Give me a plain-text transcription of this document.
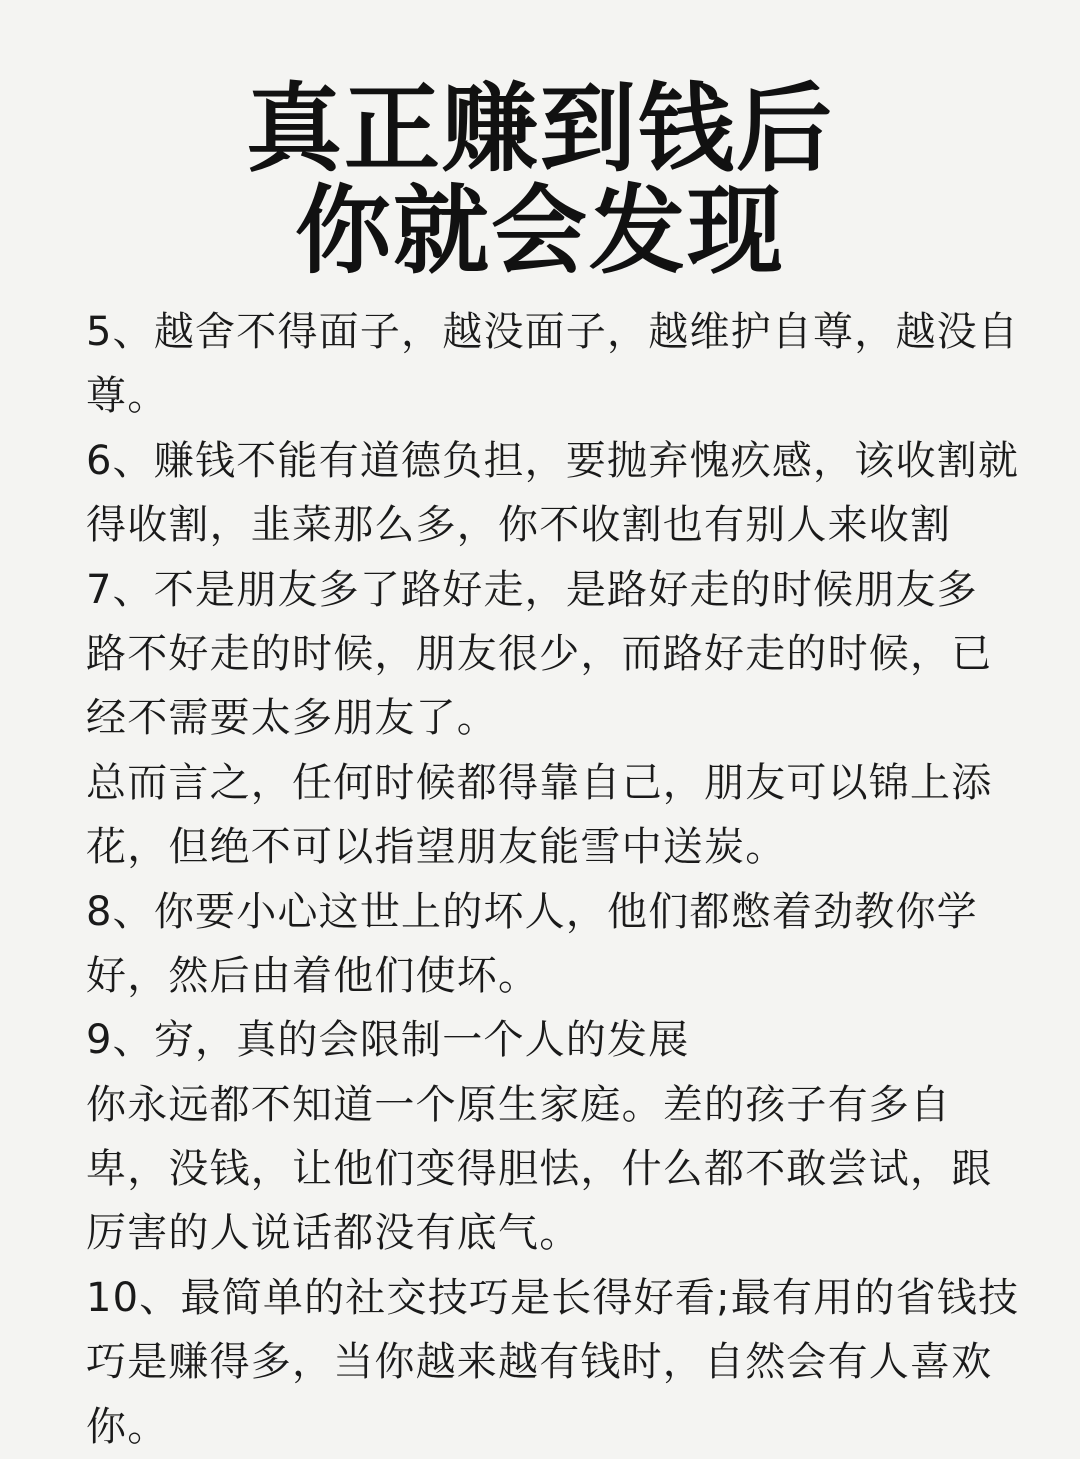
真正赚到钱后
你就会发现
5、越舍不得面子，越没面子，越维护自尊，越没自
尊。
6、赚钱不能有道德负担，要抛弃愧疚感，该收割就
得收割，韭菜那么多，你不收割也有别人来收割
7、不是朋友多了路好走，是路好走的时候朋友多
路不好走的时候，朋友很少，而路好走的时候，已
经不需要太多朋友了。
总而言之，任何时候都得靠自己，朋友可以锦上添
花，但绝不可以指望朋友能雪中送炭。
8、你要小心这世上的坏人，他们都憋着劲教你学
好，然后由着他们使坏。
9、穷，真的会限制一个人的发展
你永远都不知道一个原生家庭。差的孩子有多自
卑，没钱，让他们变得胆怯，什么都不敢尝试，跟
厉害的人说话都没有底气。
10、最简单的社交技巧是长得好看;最有用的省钱技
巧是赚得多，当你越来越有钱时，自然会有人喜欢
你。
